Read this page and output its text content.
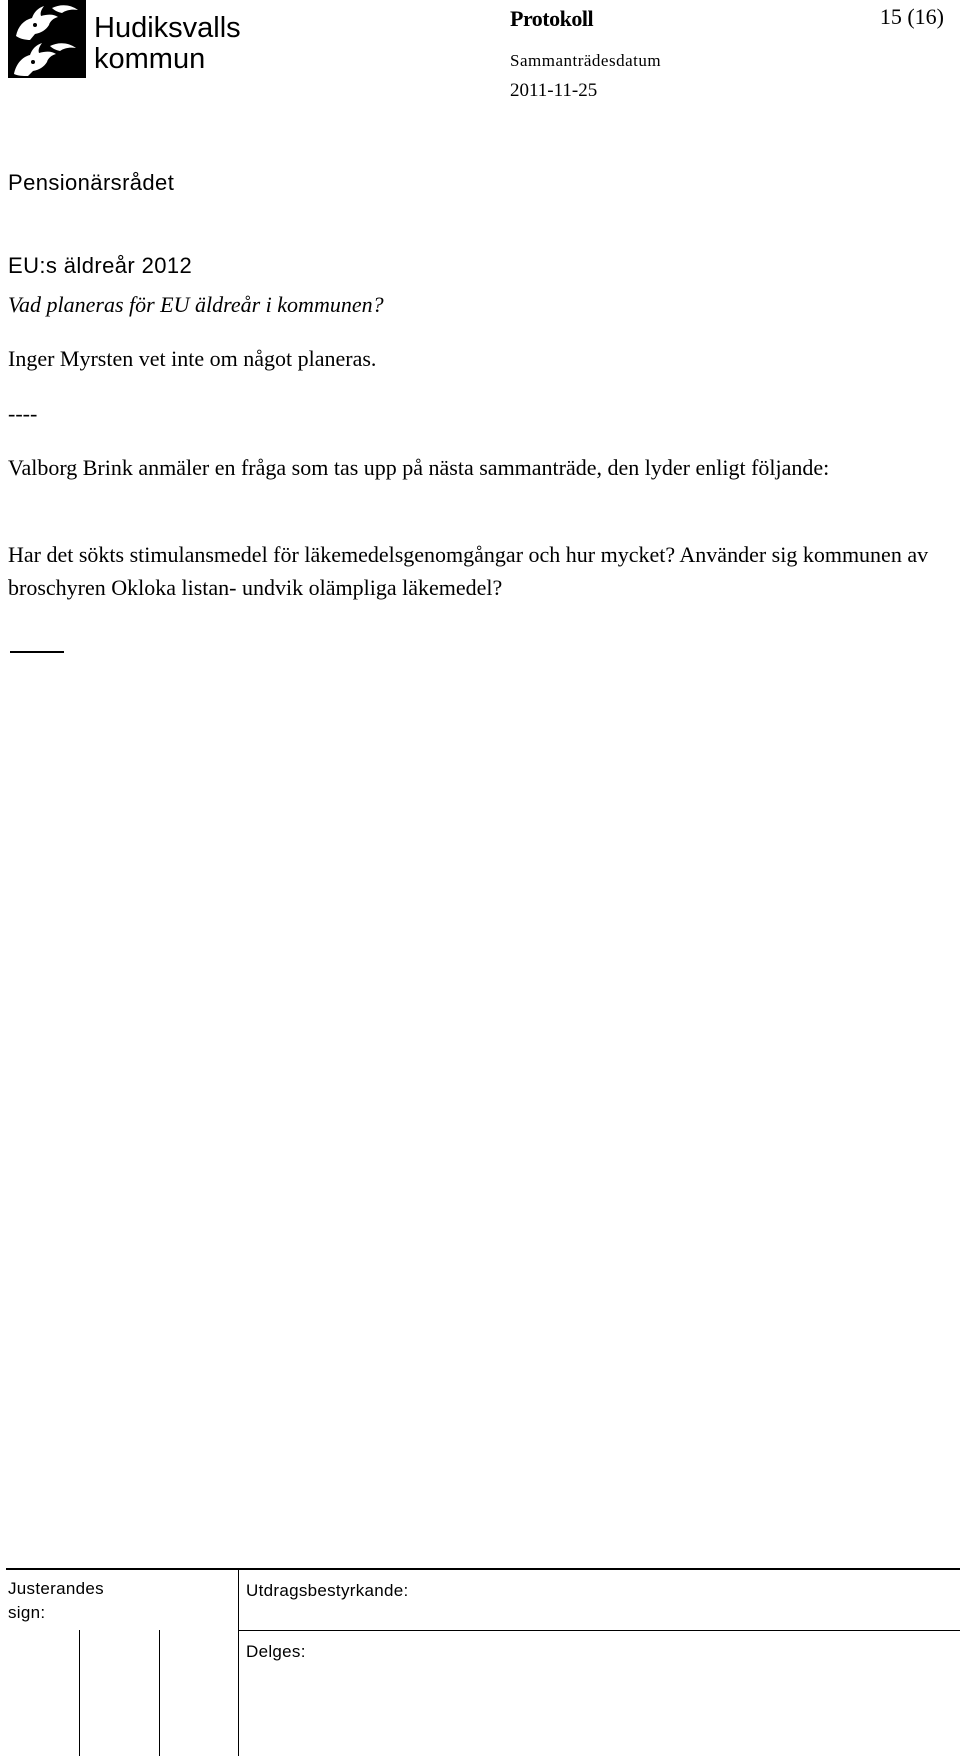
Hudiksvalls
kommun
Protokoll	15 (16)
Sammanträdesdatum
2011-11-25
Pensionärsrådet
EU:s äldreår 2012
Vad planeras för EU äldreår i kommunen?
Inger Myrsten vet inte om något planeras.
----
Valborg Brink anmäler en fråga som tas upp på nästa sammanträde, den lyder enligt följande:
Har det sökts stimulansmedel för läkemedelsgenomgångar och hur mycket? Använder sig kommunen av broschyren Okloka listan- undvik olämpliga läkemedel?
Justerandes
sign:
Utdragsbestyrkande:
Delges:
